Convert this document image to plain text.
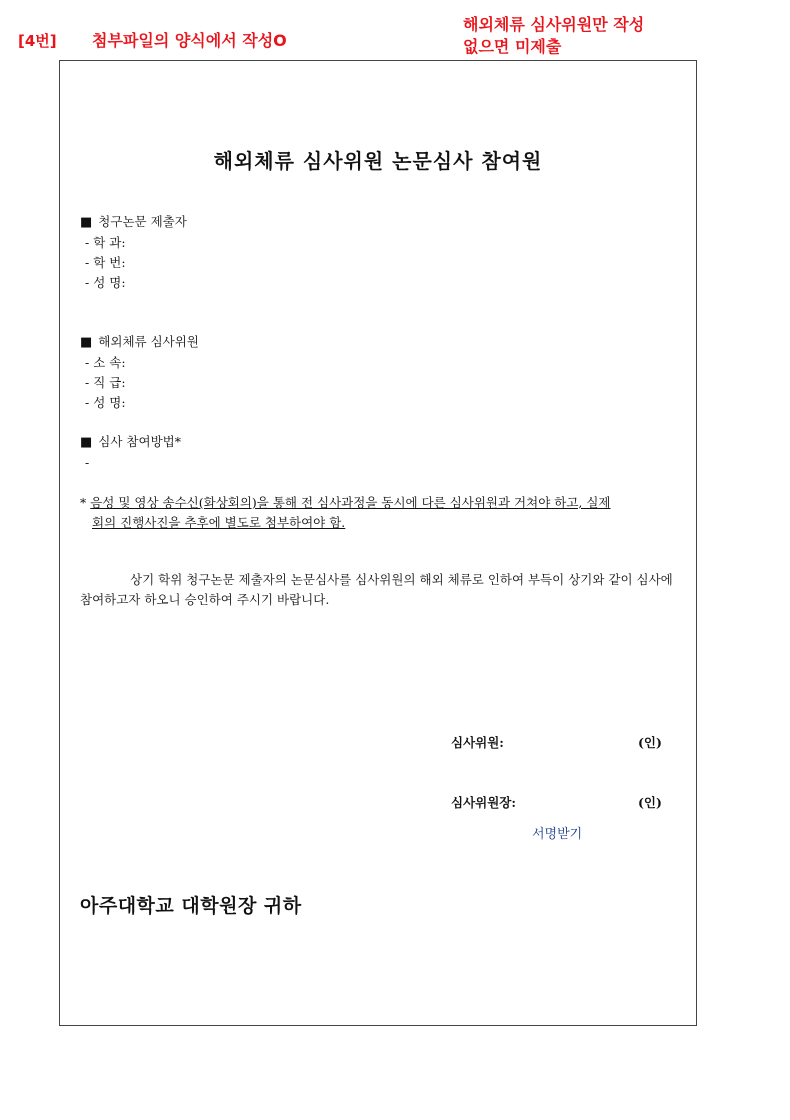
[4번] 첨부파일의 양식에서 작성O
해외체류 심사위원만 작성
없으면 미제출
해외체류 심사위원 논문심사 참여원
■ 청구논문 제출자
- 학 과:
- 학 번:
- 성 명:
■ 해외체류 심사위원
- 소 속:
- 직 급:
- 성 명:
■ 심사 참여방법*
-
* 음성 및 영상 송수신(화상회의)을 통해 전 심사과정을 동시에 다른 심사위원과 거쳐야 하고, 실제
회의 진행사진을 추후에 별도로 첨부하여야 함.
상기 학위 청구논문 제출자의 논문심사를 심사위원의 해외 체류로 인하여 부득이 상기와 같이 심사에 참여하고자 하오니 승인하여 주시기 바랍니다.
심사위원:	(인)
심사위원장:	(인)
서명받기
아주대학교 대학원장 귀하
